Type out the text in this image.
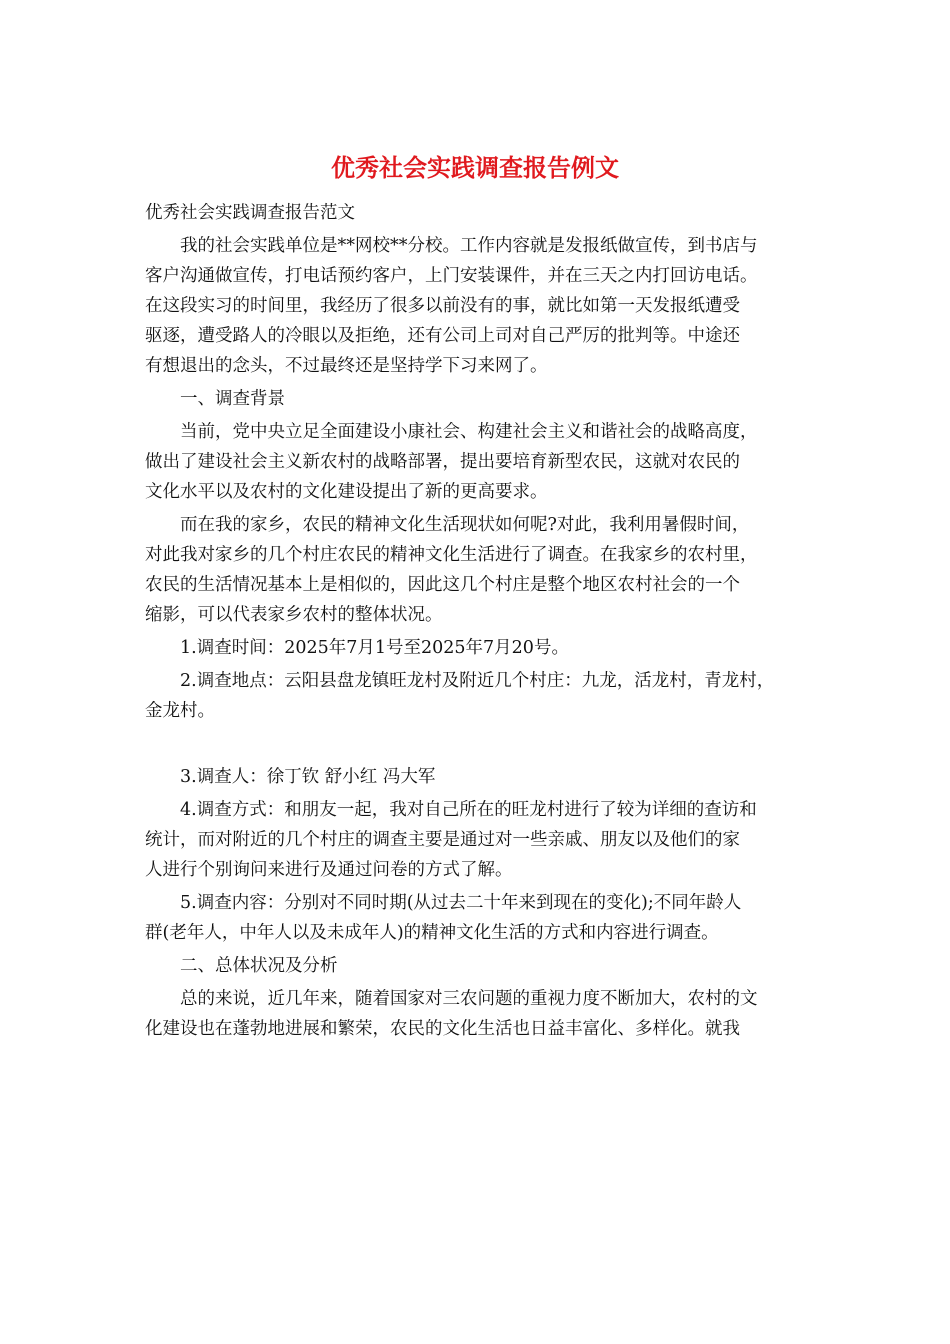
优秀社会实践调查报告例文

优秀社会实践调查报告范文

我的社会实践单位是**网校**分校。工作内容就是发报纸做宣传，到书店与
客户沟通做宣传，打电话预约客户，上门安装课件，并在三天之内打回访电话。
在这段实习的时间里，我经历了很多以前没有的事，就比如第一天发报纸遭受
驱逐，遭受路人的冷眼以及拒绝，还有公司上司对自己严厉的批判等。中途还
有想退出的念头，不过最终还是坚持学下习来网了。

一、调查背景

当前，党中央立足全面建设小康社会、构建社会主义和谐社会的战略高度，
做出了建设社会主义新农村的战略部署，提出要培育新型农民，这就对农民的
文化水平以及农村的文化建设提出了新的更高要求。

而在我的家乡，农民的精神文化生活现状如何呢?对此，我利用暑假时间，
对此我对家乡的几个村庄农民的精神文化生活进行了调查。在我家乡的农村里，
农民的生活情况基本上是相似的，因此这几个村庄是整个地区农村社会的一个
缩影，可以代表家乡农村的整体状况。

1.调查时间：2025年7月1号至2025年7月20号。

2.调查地点：云阳县盘龙镇旺龙村及附近几个村庄：九龙，活龙村，青龙村，
金龙村。

3.调查人：徐丁钦 舒小红 冯大军

4.调查方式：和朋友一起，我对自己所在的旺龙村进行了较为详细的查访和
统计，而对附近的几个村庄的调查主要是通过对一些亲戚、朋友以及他们的家
人进行个别询问来进行及通过问卷的方式了解。

5.调查内容：分别对不同时期(从过去二十年来到现在的变化);不同年龄人
群(老年人，中年人以及未成年人)的精神文化生活的方式和内容进行调查。

二、总体状况及分析

总的来说，近几年来，随着国家对三农问题的重视力度不断加大，农村的文
化建设也在蓬勃地进展和繁荣，农民的文化生活也日益丰富化、多样化。就我
